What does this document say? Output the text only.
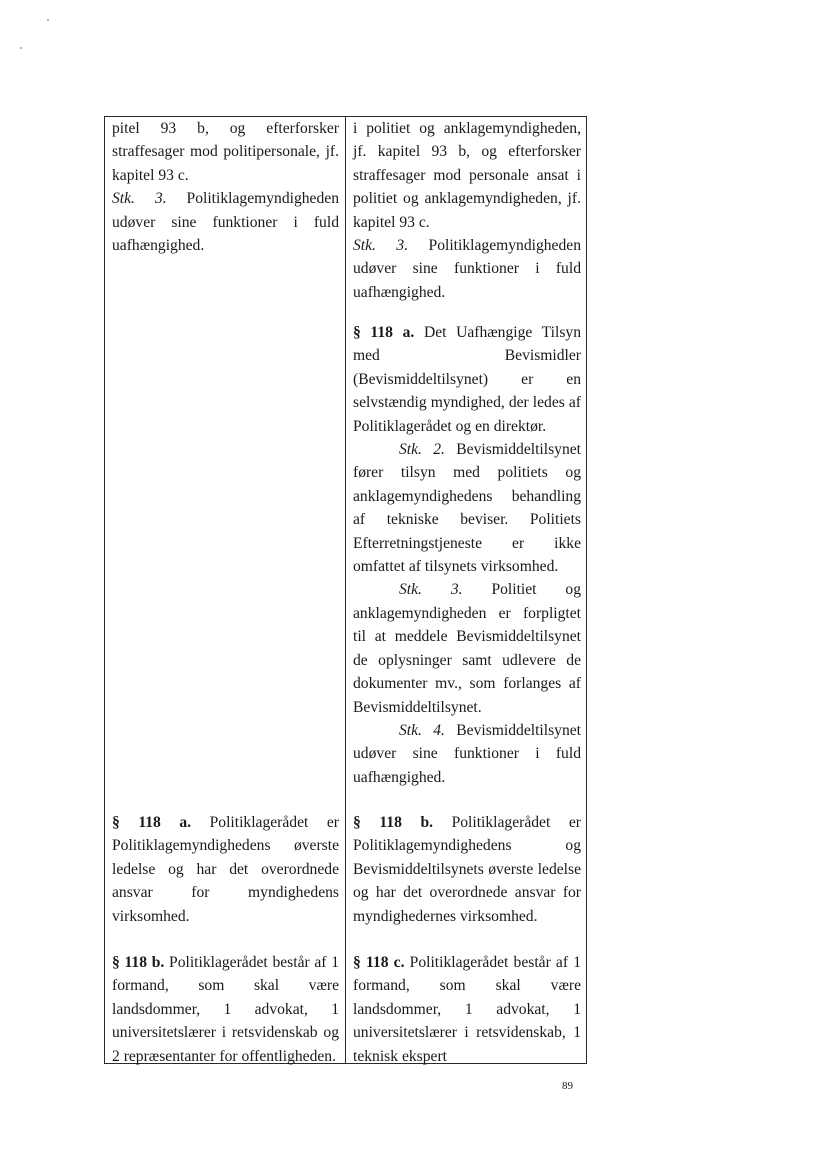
pitel 93 b, og efterforsker straffesager mod politipersonale, jf. kapitel 93 c.

Stk. 3. Politiklagemyndigheden udøver sine funktioner i fuld uafhængighed.

§ 118 a. Politiklagerådet er Politiklagemyndighedens øverste ledelse og har det overordnede ansvar for myndighedens virksomhed.

§ 118 b. Politiklagerådet består af 1 formand, som skal være landsdommer, 1 advokat, 1 universitetslærer i retsvidenskab og 2 repræsentanter for offentligheden.

i politiet og anklagemyndigheden, jf. kapitel 93 b, og efterforsker straffesager mod personale ansat i politiet og anklagemyndigheden, jf. kapitel 93 c.

Stk. 3. Politiklagemyndigheden udøver sine funktioner i fuld uafhængighed.

§ 118 a. Det Uafhængige Tilsyn med Bevismidler (Bevismiddeltilsynet) er en selvstændig myndighed, der ledes af Politiklagerådet og en direktør.

Stk. 2. Bevismiddeltilsynet fører tilsyn med politiets og anklagemyndighedens behandling af tekniske beviser. Politiets Efterretningstjeneste er ikke omfattet af tilsynets virksomhed.

Stk. 3. Politiet og anklagemyndigheden er forpligtet til at meddele Bevismiddeltilsynet de oplysninger samt udlevere de dokumenter mv., som forlanges af Bevismiddeltilsynet.

Stk. 4. Bevismiddeltilsynet udøver sine funktioner i fuld uafhængighed.

§ 118 b. Politiklagerådet er Politiklagemyndighedens og Bevismiddeltilsynets øverste ledelse og har det overordnede ansvar for myndighedernes virksomhed.

§ 118 c. Politiklagerådet består af 1 formand, som skal være landsdommer, 1 advokat, 1 universitetslærer i retsvidenskab, 1 teknisk ekspert

89
